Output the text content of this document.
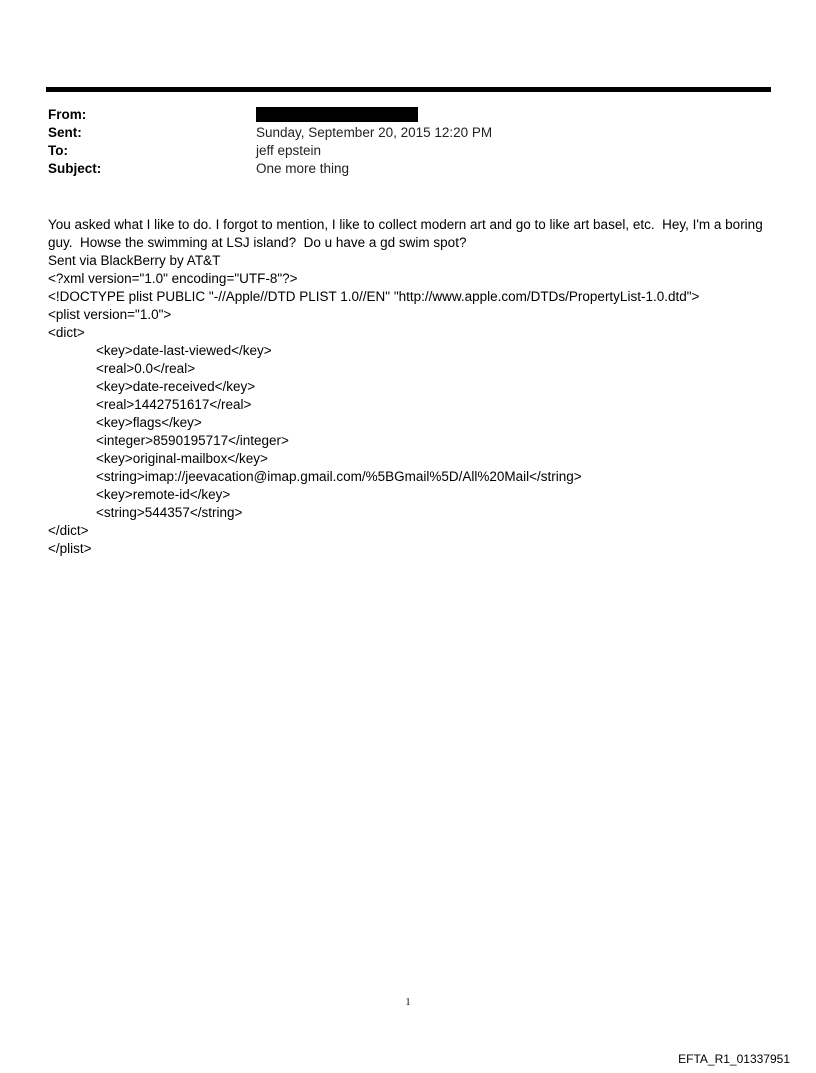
From:
Sent:	Sunday, September 20, 2015 12:20 PM
To:	jeff epstein
Subject:	One more thing
You asked what I like to do. I forgot to mention, I like to collect modern art and go to like art basel, etc.  Hey, I'm a boring
guy.  Howse the swimming at LSJ island?  Do u have a gd swim spot?
Sent via BlackBerry by AT&T
<?xml version="1.0" encoding="UTF-8"?>
<!DOCTYPE plist PUBLIC "-//Apple//DTD PLIST 1.0//EN" "http://www.apple.com/DTDs/PropertyList-1.0.dtd">
<plist version="1.0">
<dict>
<key>date-last-viewed</key>
<real>0.0</real>
<key>date-received</key>
<real>1442751617</real>
<key>flags</key>
<integer>8590195717</integer>
<key>original-mailbox</key>
<string>imap://jeevacation@imap.gmail.com/%5BGmail%5D/All%20Mail</string>
<key>remote-id</key>
<string>544357</string>
</dict>
</plist>
1
EFTA_R1_01337951
